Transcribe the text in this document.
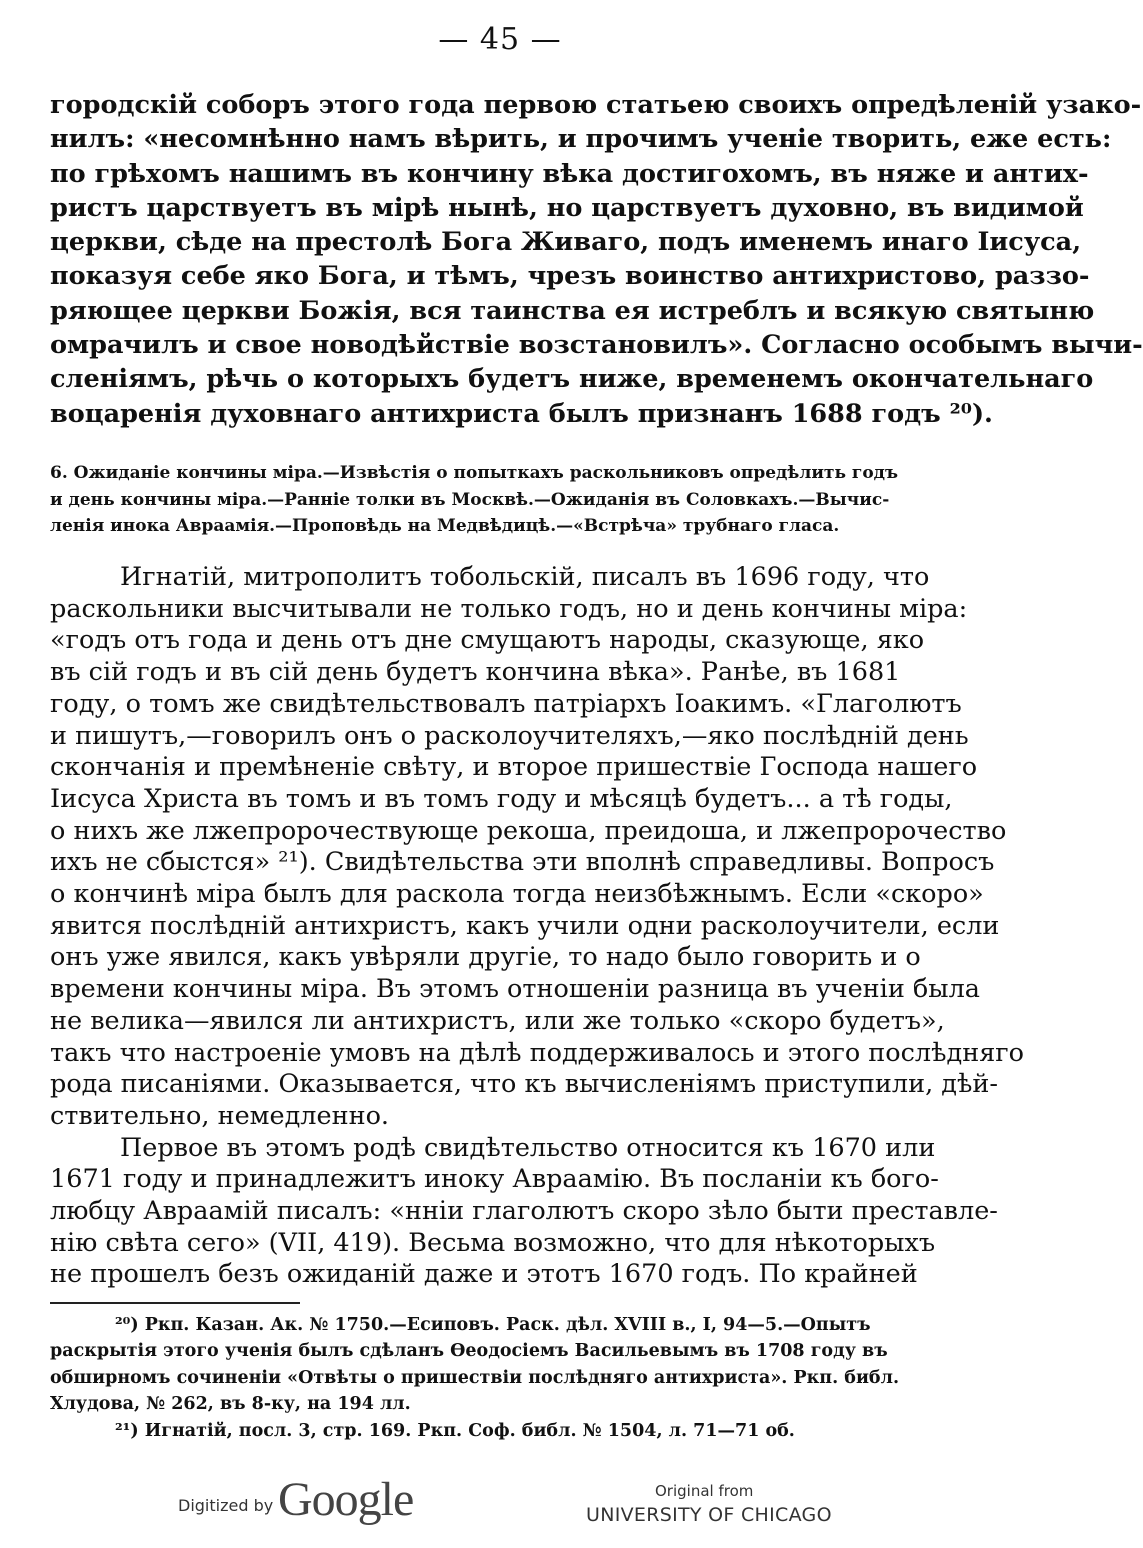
— 45 —
городскій соборъ этого года первою статьею своихъ опредѣленій узако-
нилъ: «несомнѣнно намъ вѣрить, и прочимъ ученіе творить, еже есть:
по грѣхомъ нашимъ въ кончину вѣка достигохомъ, въ няже и антих-
ристъ царствуетъ въ мірѣ нынѣ, но царствуетъ духовно, въ видимой
церкви, сѣде на престолѣ Бога Живаго, подъ именемъ инаго Іисуса,
показуя себе яко Бога, и тѣмъ, чрезъ воинство антихристово, раззо-
ряющее церкви Божія, вся таинства ея истреблъ и всякую святыню
омрачилъ и свое новодѣйствіе возстановилъ». Согласно особымъ вычи-
сленіямъ, рѣчь о которыхъ будетъ ниже, временемъ окончательнаго
воцаренія духовнаго антихриста былъ признанъ 1688 годъ ²⁰).
6. Ожиданіе кончины міра.—Извѣстія о попыткахъ раскольниковъ опредѣлить годъ
и день кончины міра.—Ранніе толки въ Москвѣ.—Ожиданія въ Соловкахъ.—Вычис-
ленія инока Авраамія.—Проповѣдь на Медвѣдицѣ.—«Встрѣча» трубнаго гласа.
Игнатій, митрополитъ тобольскій, писалъ въ 1696 году, что
раскольники высчитывали не только годъ, но и день кончины міра:
«годъ отъ года и день отъ дне смущаютъ народы, сказующе, яко
въ сій годъ и въ сій день будетъ кончина вѣка». Ранѣе, въ 1681
году, о томъ же свидѣтельствовалъ патріархъ Іоакимъ. «Глаголютъ
и пишутъ,—говорилъ онъ о расколоучителяхъ,—яко послѣдній день
скончанія и премѣненіе свѣту, и второе пришествіе Господа нашего
Іисуса Христа въ томъ и въ томъ году и мѣсяцѣ будетъ... а тѣ годы,
о нихъ же лжепророчествующе рекоша, преидоша, и лжепророчество
ихъ не сбыстся» ²¹). Свидѣтельства эти вполнѣ справедливы. Вопросъ
о кончинѣ міра былъ для раскола тогда неизбѣжнымъ. Если «скоро»
явится послѣдній антихристъ, какъ учили одни расколоучители, если
онъ уже явился, какъ увѣряли другіе, то надо было говорить и о
времени кончины міра. Въ этомъ отношеніи разница въ ученіи была
не велика—явился ли антихристъ, или же только «скоро будетъ»,
такъ что настроеніе умовъ на дѣлѣ поддерживалось и этого послѣдняго
рода писаніями. Оказывается, что къ вычисленіямъ приступили, дѣй-
ствительно, немедленно.
Первое въ этомъ родѣ свидѣтельство относится къ 1670 или
1671 году и принадлежитъ иноку Авраамію. Въ посланіи къ бого-
любцу Авраамій писалъ: «нніи глаголютъ скоро зѣло быти преставле-
нію свѣта сего» (VII, 419). Весьма возможно, что для нѣкоторыхъ
не прошелъ безъ ожиданій даже и этотъ 1670 годъ. По крайней
²⁰) Ркп. Казан. Ак. № 1750.—Есиповъ. Раск. дѣл. XVIII в., I, 94—5.—Опытъ
раскрытія этого ученія былъ сдѣланъ Ѳеодосіемъ Васильевымъ въ 1708 году въ
обширномъ сочиненіи «Отвѣты о пришествіи послѣдняго антихриста». Ркп. библ.
Хлудова, № 262, въ 8-ку, на 194 лл.
²¹) Игнатій, посл. 3, стр. 169. Ркп. Соф. библ. № 1504, л. 71—71 об.
Digitized by Google	Original from
UNIVERSITY OF CHICAGO
